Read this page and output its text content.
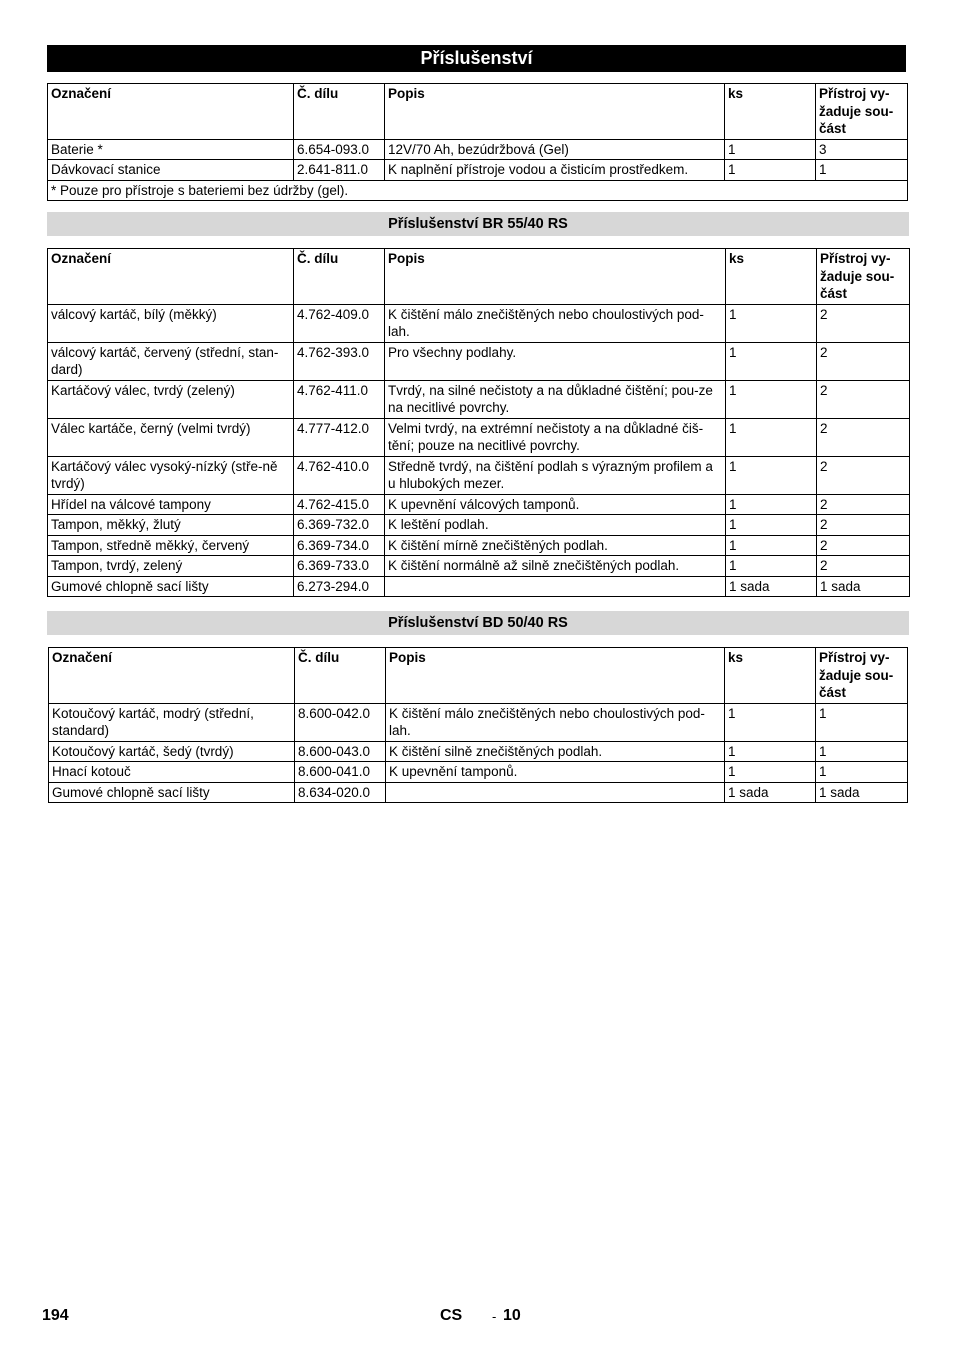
Příslušenství
Označení	Č. dílu	Popis	ks	Přístroj vy-žaduje sou-část
Baterie *	6.654-093.0	12V/70 Ah, bezúdržbová (Gel)	1	3
Dávkovací stanice	2.641-811.0	K naplnění přístroje vodou a čisticím prostředkem.	1	1
* Pouze pro přístroje s bateriemi bez údržby (gel).				
Příslušenství BR 55/40 RS
Označení	Č. dílu	Popis	ks	Přístroj vy-žaduje sou-část
válcový kartáč, bílý (měkký)	4.762-409.0	K čištění málo znečištěných nebo choulostivých pod-lah.	1	2
válcový kartáč, červený (střední, stan-dard)	4.762-393.0	Pro všechny podlahy.	1	2
Kartáčový válec, tvrdý (zelený)	4.762-411.0	Tvrdý, na silné nečistoty a na důkladné čištění; pou-ze na necitlivé povrchy.	1	2
Válec kartáče, černý (velmi tvrdý)	4.777-412.0	Velmi tvrdý, na extrémní nečistoty a na důkladné čiš-tění; pouze na necitlivé povrchy.	1	2
Kartáčový válec vysoký-nízký (stře-ně tvrdý)	4.762-410.0	Středně tvrdý, na čištění podlah s výrazným profilem a u hlubokých mezer.	1	2
Hřídel na válcové tampony	4.762-415.0	K upevnění válcových tamponů.	1	2
Tampon, měkký, žlutý	6.369-732.0	K leštění podlah.	1	2
Tampon, středně měkký, červený	6.369-734.0	K čištění mírně znečištěných podlah.	1	2
Tampon, tvrdý, zelený	6.369-733.0	K čištění normálně až silně znečištěných podlah.	1	2
Gumové chlopně sací lišty	6.273-294.0		1 sada	1 sada
Příslušenství BD 50/40 RS
Označení	Č. dílu	Popis	ks	Přístroj vy-žaduje sou-část
Kotoučový kartáč, modrý (střední, standard)	8.600-042.0	K čištění málo znečištěných nebo choulostivých pod-lah.	1	1
Kotoučový kartáč, šedý (tvrdý)	8.600-043.0	K čištění silně znečištěných podlah.	1	1
Hnací kotouč	8.600-041.0	K upevnění tamponů.	1	1
Gumové chlopně sací lišty	8.634-020.0		1 sada	1 sada
194	CS - 10
